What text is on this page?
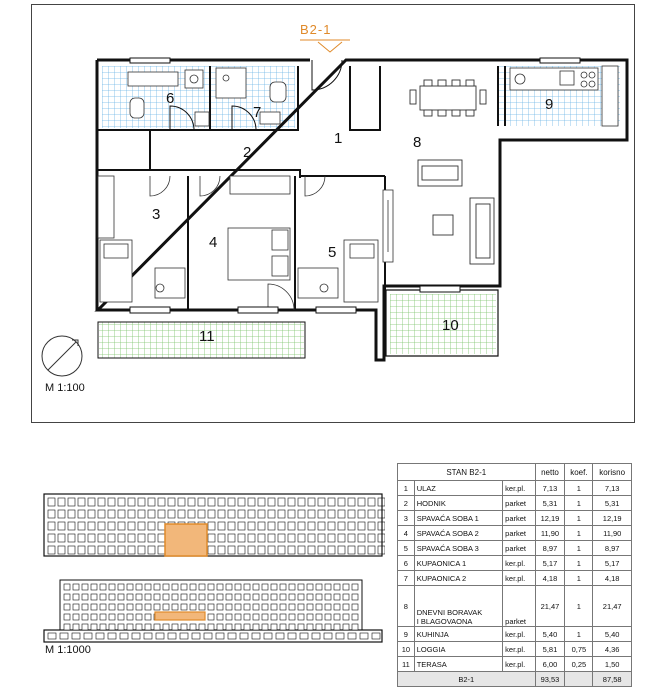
1
2
3
4
5
6
7
8
9
10
11
B2-1
M 1:100
M 1:1000
STAN B2-1			netto	koef.	korisno
1	ULAZ	ker.pl.	7,13	1	7,13
2	HODNIK	parket	5,31	1	5,31
3	SPAVAĆA SOBA 1	parket	12,19	1	12,19
4	SPAVAĆA SOBA 2	parket	11,90	1	11,90
5	SPAVAĆA SOBA 3	parket	8,97	1	8,97
6	KUPAONICA 1	ker.pl.	5,17	1	5,17
7	KUPAONICA 2	ker.pl.	4,18	1	4,18
8	DNEVNI BORAVAK
I BLAGOVAONA	parket	21,47	1	21,47
9	KUHINJA	ker.pl.	5,40	1	5,40
10	LOGGIA	ker.pl.	5,81	0,75	4,36
11	TERASA	ker.pl.	6,00	0,25	1,50
B2-1			93,53		87,58
